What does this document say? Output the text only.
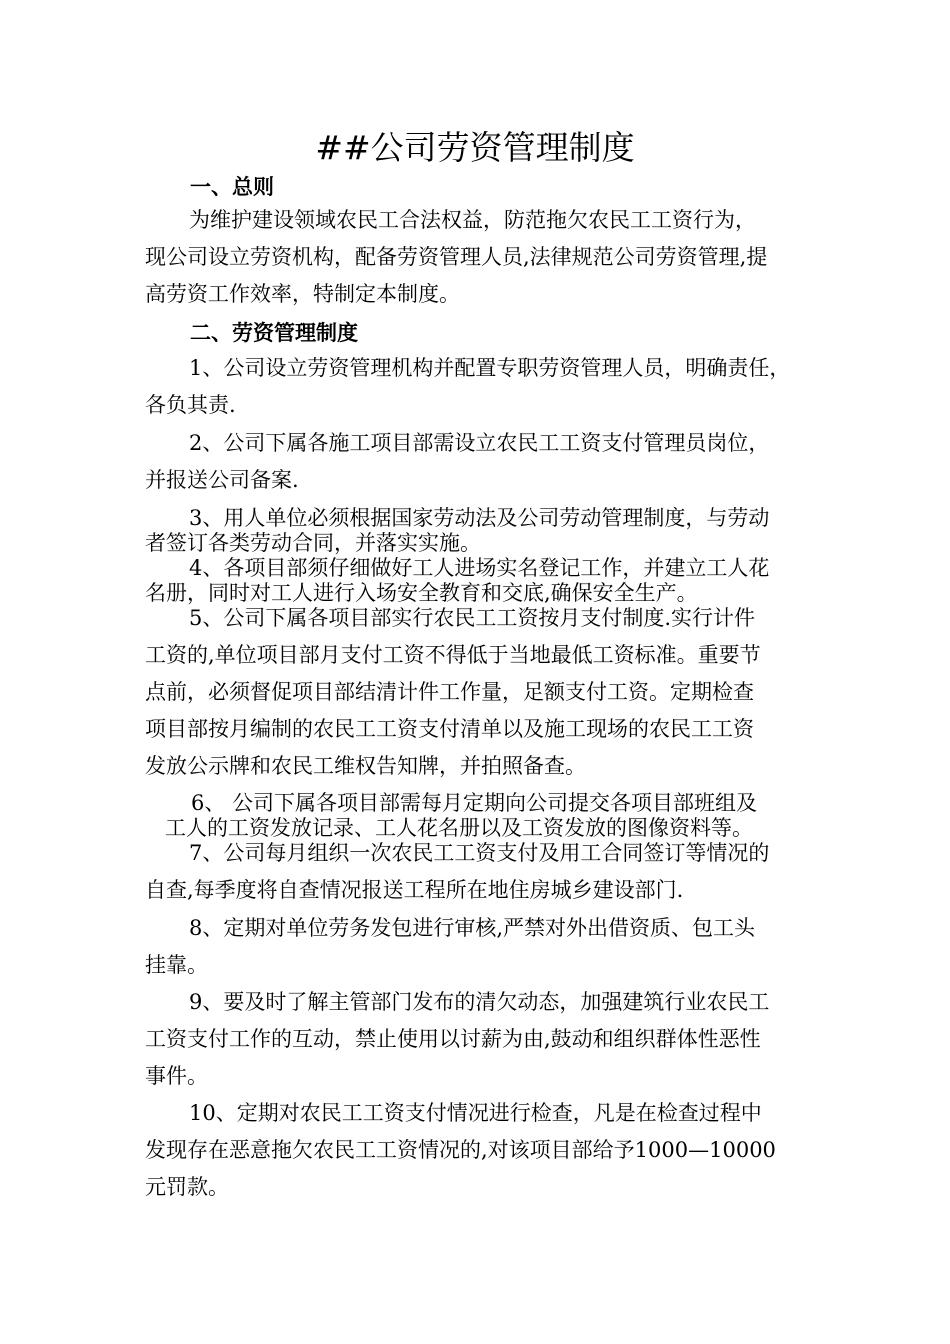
##公司劳资管理制度
一、总则
为维护建设领域农民工合法权益，防范拖欠农民工工资行为，
现公司设立劳资机构，配备劳资管理人员,法律规范公司劳资管理,提
高劳资工作效率，特制定本制度。
二、劳资管理制度
1、公司设立劳资管理机构并配置专职劳资管理人员，明确责任，
各负其责.
2、公司下属各施工项目部需设立农民工工资支付管理员岗位，
并报送公司备案.
3、用人单位必须根据国家劳动法及公司劳动管理制度，与劳动
者签订各类劳动合同，并落实实施。
4、各项目部须仔细做好工人进场实名登记工作，并建立工人花
名册，同时对工人进行入场安全教育和交底,确保安全生产。
5、公司下属各项目部实行农民工工资按月支付制度.实行计件
工资的,单位项目部月支付工资不得低于当地最低工资标准。重要节
点前，必须督促项目部结清计件工作量，足额支付工资。定期检查
项目部按月编制的农民工工资支付清单以及施工现场的农民工工资
发放公示牌和农民工维权告知牌，并拍照备查。
6、 公司下属各项目部需每月定期向公司提交各项目部班组及
工人的工资发放记录、工人花名册以及工资发放的图像资料等。
7、公司每月组织一次农民工工资支付及用工合同签订等情况的
自查,每季度将自查情况报送工程所在地住房城乡建设部门.
8、定期对单位劳务发包进行审核,严禁对外出借资质、包工头
挂靠。
9、要及时了解主管部门发布的清欠动态，加强建筑行业农民工
工资支付工作的互动，禁止使用以讨薪为由,鼓动和组织群体性恶性
事件。
10、定期对农民工工资支付情况进行检查，凡是在检查过程中
发现存在恶意拖欠农民工工资情况的,对该项目部给予1000—10000
元罚款。
